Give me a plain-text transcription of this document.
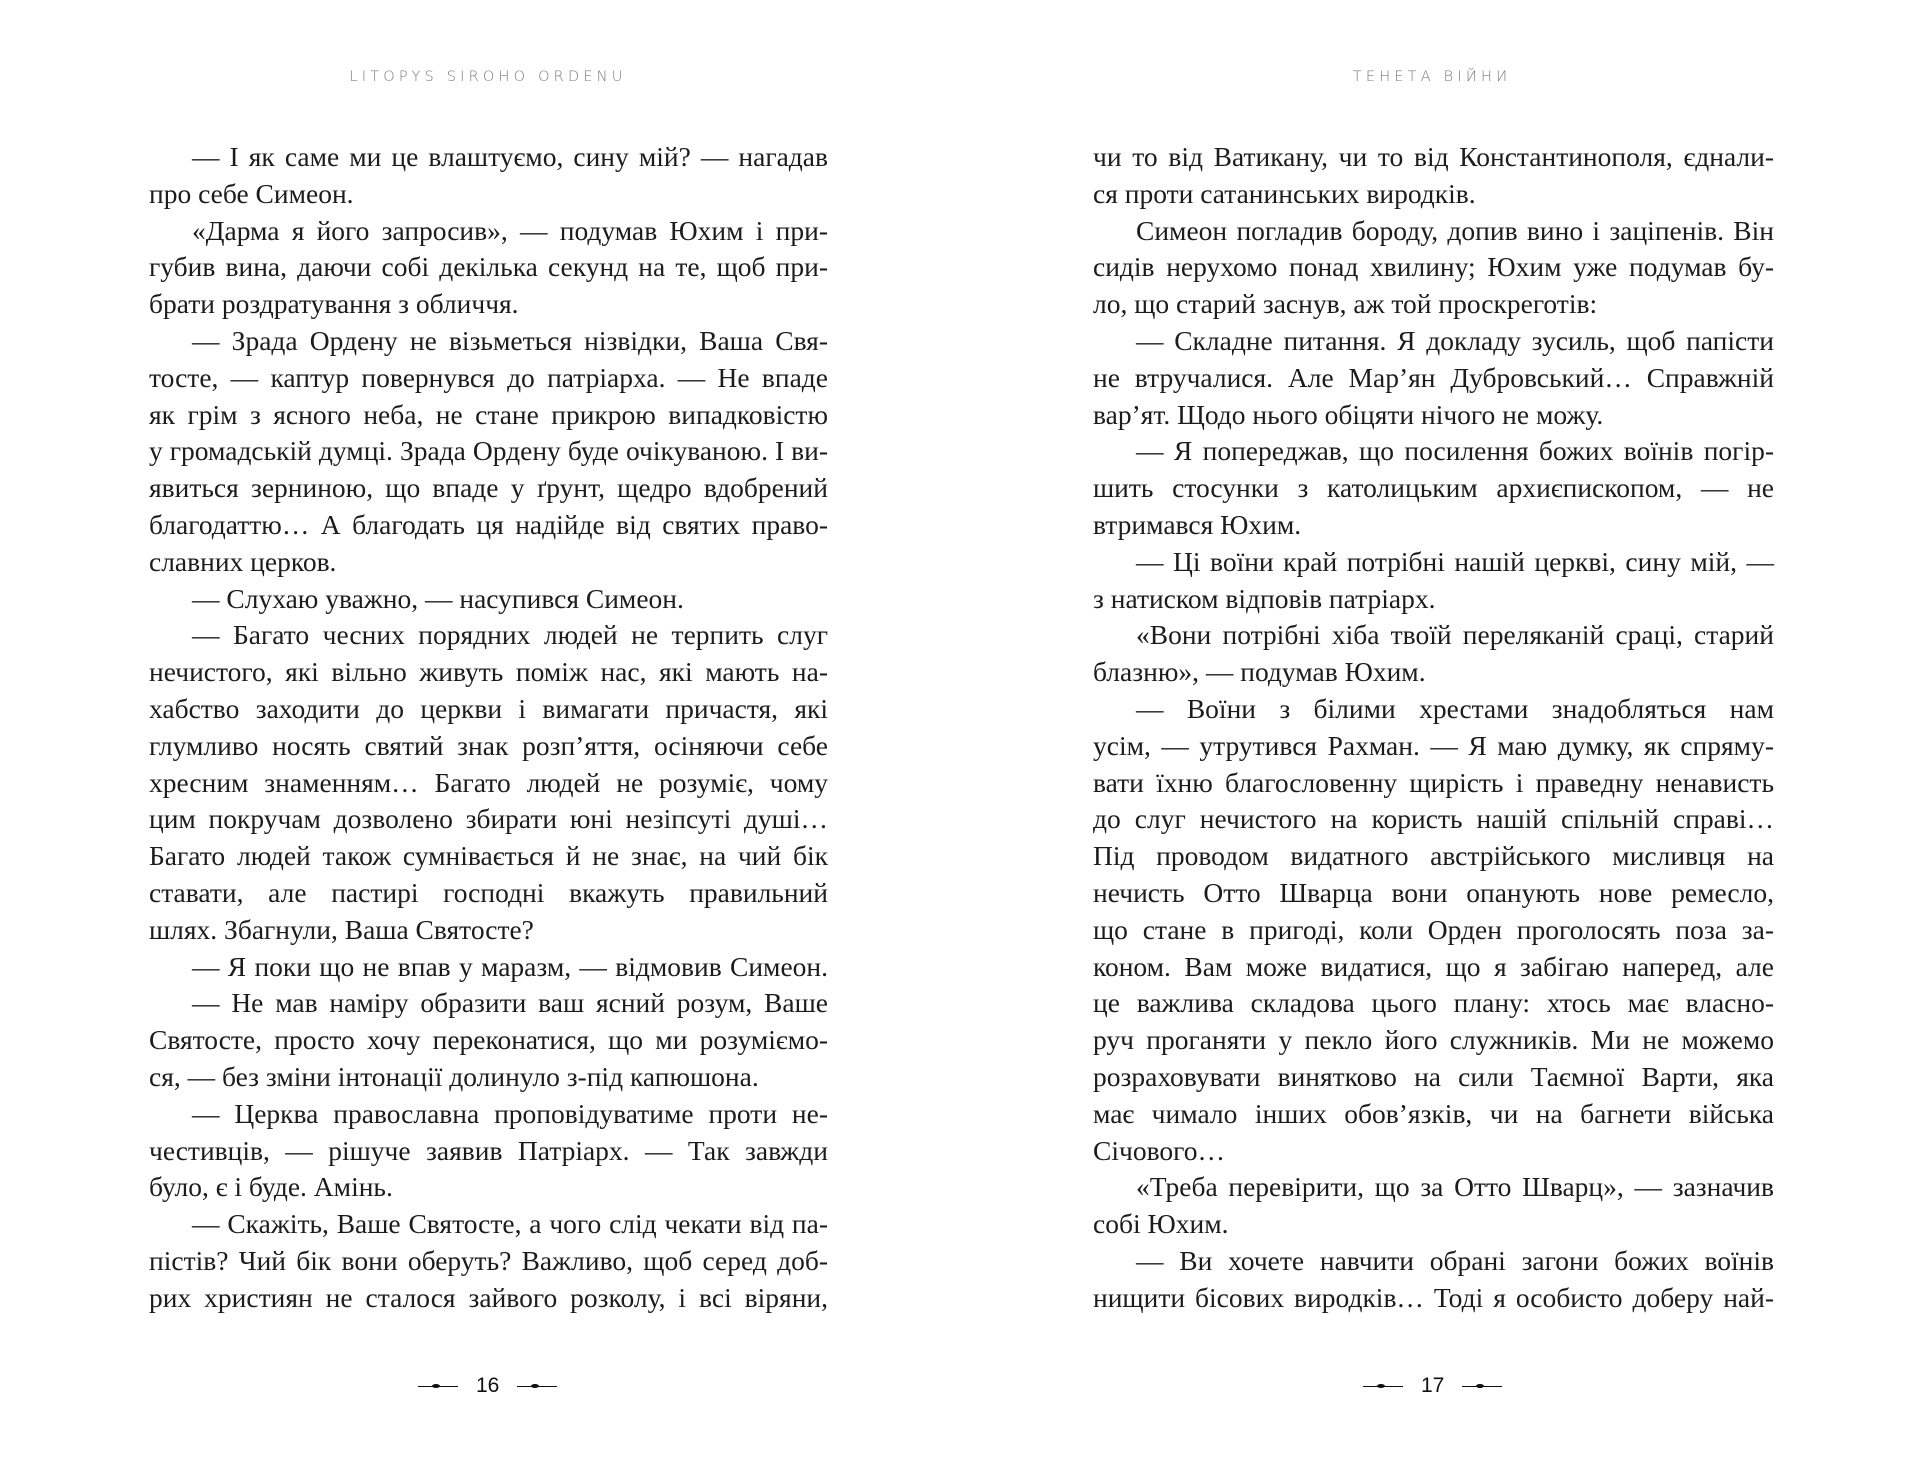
LITOPYS SIROHO ORDENU
— І як саме ми це влаштуємо, сину мій? — нагадав
про себе Симеон.
«Дарма я його запросив», — подумав Юхим і при-
губив вина, даючи собі декілька секунд на те, щоб при-
брати роздратування з обличчя.
— Зрада Ордену не візьметься нізвідки, Ваша Свя-
тосте, — каптур повернувся до патріарха. — Не впаде
як грім з ясного неба, не стане прикрою випадковістю
у громадській думці. Зрада Ордену буде очікуваною. І ви-
явиться зерниною, що впаде у ґрунт, щедро вдобрений
благодаттю… А благодать ця надійде від святих право-
славних церков.
— Слухаю уважно, — насупився Симеон.
— Багато чесних порядних людей не терпить слуг
нечистого, які вільно живуть поміж нас, які мають на-
хабство заходити до церкви і вимагати причастя, які
глумливо носять святий знак розп’яття, осіняючи себе
хресним знаменням… Багато людей не розуміє, чому
цим покручам дозволено збирати юні незіпсуті душі…
Багато людей також сумнівається й не знає, на чий бік
ставати, але пастирі господні вкажуть правильний
шлях. Збагнули, Ваша Святосте?
— Я поки що не впав у маразм, — відмовив Симеон.
— Не мав наміру образити ваш ясний розум, Ваше
Святосте, просто хочу переконатися, що ми розуміємо-
ся, — без зміни інтонації долинуло з-під капюшона.
— Церква православна проповідуватиме проти не-
честивців, — рішуче заявив Патріарх. — Так завжди
було, є і буде. Амінь.
— Скажіть, Ваше Святосте, а чого слід чекати від па-
пістів? Чий бік вони оберуть? Важливо, щоб серед доб-
рих християн не сталося зайвого розколу, і всі віряни,
16
ТЕНЕТА ВІЙНИ
чи то від Ватикану, чи то від Константинополя, єднали-
ся проти сатанинських виродків.
Симеон погладив бороду, допив вино і заціпенів. Він
сидів нерухомо понад хвилину; Юхим уже подумав бу-
ло, що старий заснув, аж той проскреготів:
— Складне питання. Я докладу зусиль, щоб папісти
не втручалися. Але Мар’ян Дубровський… Справжній
вар’ят. Щодо нього обіцяти нічого не можу.
— Я попереджав, що посилення божих воїнів погір-
шить стосунки з католицьким архиєпископом, — не
втримався Юхим.
— Ці воїни край потрібні нашій церкві, сину мій, —
з натиском відповів патріарх.
«Вони потрібні хіба твоїй переляканій сраці, старий
блазню», — подумав Юхим.
— Воїни з білими хрестами знадобляться нам
усім, — утрутився Рахман. — Я маю думку, як спряму-
вати їхню благословенну щирість і праведну ненависть
до слуг нечистого на користь нашій спільній справі…
Під проводом видатного австрійського мисливця на
нечисть Отто Шварца вони опанують нове ремесло,
що стане в пригоді, коли Орден проголосять поза за-
коном. Вам може видатися, що я забігаю наперед, але
це важлива складова цього плану: хтось має власно-
руч проганяти у пекло його служників. Ми не можемо
розраховувати винятково на сили Таємної Варти, яка
має чимало інших обов’язків, чи на багнети війська
Січового…
«Треба перевірити, що за Отто Шварц», — зазначив
собі Юхим.
— Ви хочете навчити обрані загони божих воїнів
нищити бісових виродків… Тоді я особисто доберу най-
17
